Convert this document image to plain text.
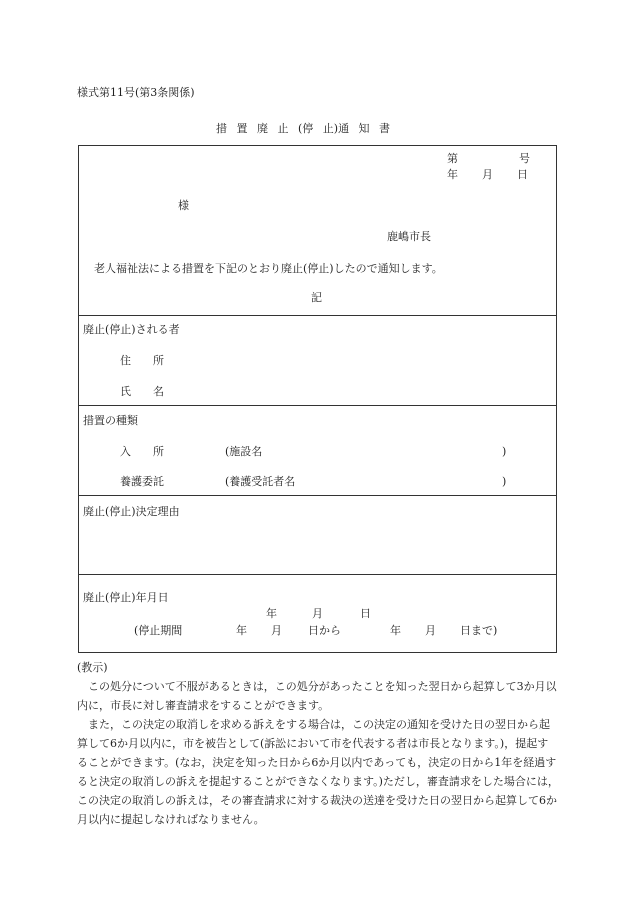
様式第11号(第3条関係)
措 置 廃 止 (停 止)通 知 書
第	号
年 月 日
様
鹿嶋市長
老人福祉法による措置を下記のとおり廃止(停止)したので通知します。
記
廃止(停止)される者
住　　所
氏　　名
措置の種類
入　　所	(施設名	)
養護委託	(養護受託者名	)
廃止(停止)決定理由
廃止(停止)年月日
年	月	日
(停止期間	年 月 日から	年 月 日まで)

(教示)

　この処分について不服があるときは，この処分があったことを知った翌日から起算して3か月以内に，市長に対し審査請求をすることができます。

　また，この決定の取消しを求める訴えをする場合は，この決定の通知を受けた日の翌日から起算して6か月以内に，市を被告として(訴訟において市を代表する者は市長となります。)，提起することができます。(なお，決定を知った日から6か月以内であっても，決定の日から1年を経過すると決定の取消しの訴えを提起することができなくなります。)ただし，審査請求をした場合には，この決定の取消しの訴えは，その審査請求に対する裁決の送達を受けた日の翌日から起算して6か月以内に提起しなければなりません。
